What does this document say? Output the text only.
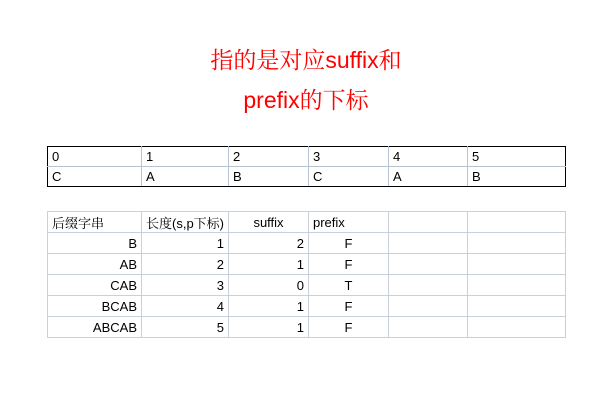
指的是对应suffix和
prefix的下标
0	1	2	3	4	5
C	A	B	C	A	B
后缀字串	长度(s,p下标)	suffix	prefix		
B	1	2	F		
AB	2	1	F		
CAB	3	0	T		
BCAB	4	1	F		
ABCAB	5	1	F		
